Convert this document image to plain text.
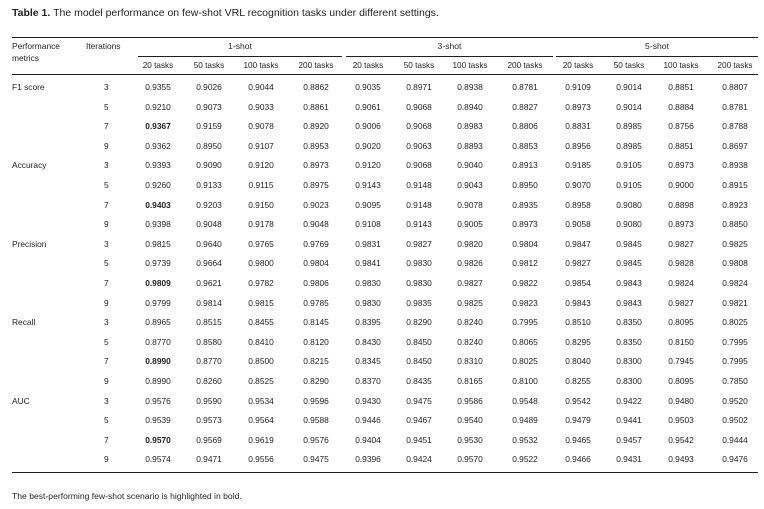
Table 1. The model performance on few-shot VRL recognition tasks under different settings.
Performance
metrics
Iterations	1-shot
20 tasks	50 tasks	100 tasks	200 tasks
3-shot
20 tasks	50 tasks	100 tasks	200 tasks
5-shot
20 tasks	50 tasks	100 tasks	200 tasks
F1 score	3	0.9355	0.9026	0.9044	0.8862	0.9035	0.8971	0.8938	0.8781	0.9109	0.9014	0.8851	0.8807
5	0.9210	0.9073	0.9033	0.8861	0.9061	0.9068	0.8940	0.8827	0.8973	0.9014	0.8884	0.8781
7	0.9367	0.9159	0.9078	0.8920	0.9006	0.9068	0.8983	0.8806	0.8831	0.8985	0.8756	0.8788
9	0.9362	0.8950	0.9107	0.8953	0.9020	0.9063	0.8893	0.8853	0.8956	0.8985	0.8851	0.8697
Accuracy	3	0.9393	0.9090	0.9120	0.8973	0.9120	0.9068	0.9040	0.8913	0.9185	0.9105	0.8973	0.8938
5	0.9260	0.9133	0.9115	0.8975	0.9143	0.9148	0.9043	0.8950	0.9070	0.9105	0.9000	0.8915
7	0.9403	0.9203	0.9150	0.9023	0.9095	0.9148	0.9078	0.8935	0.8958	0.9080	0.8898	0.8923
9	0.9398	0.9048	0.9178	0.9048	0.9108	0.9143	0.9005	0.8973	0.9058	0.9080	0.8973	0.8850
Precision	3	0.9815	0.9640	0.9765	0.9769	0.9831	0.9827	0.9820	0.9804	0.9847	0.9845	0.9827	0.9825
5	0.9739	0.9664	0.9800	0.9804	0.9841	0.9830	0.9826	0.9812	0.9827	0.9845	0.9828	0.9808
7	0.9809	0.9621	0.9782	0.9806	0.9830	0.9830	0.9827	0.9822	0.9854	0.9843	0.9824	0.9824
9	0.9799	0.9814	0.9815	0.9785	0.9830	0.9835	0.9825	0.9823	0.9843	0.9843	0.9827	0.9821
Recall	3	0.8965	0.8515	0.8455	0.8145	0.8395	0.8290	0.8240	0.7995	0.8510	0.8350	0.8095	0.8025
5	0.8770	0.8580	0.8410	0.8120	0.8430	0.8450	0.8240	0.8065	0.8295	0.8350	0.8150	0.7995
7	0.8990	0.8770	0.8500	0.8215	0.8345	0.8450	0.8310	0.8025	0.8040	0.8300	0.7945	0.7995
9	0.8990	0.8260	0.8525	0.8290	0.8370	0.8435	0.8165	0.8100	0.8255	0.8300	0.8095	0.7850
AUC	3	0.9576	0.9590	0.9534	0.9596	0.9430	0.9475	0.9586	0.9548	0.9542	0.9422	0.9480	0.9520
5	0.9539	0.9573	0.9564	0.9588	0.9446	0.9467	0.9540	0.9489	0.9479	0.9441	0.9503	0.9502
7	0.9570	0.9569	0.9619	0.9576	0.9404	0.9451	0.9530	0.9532	0.9465	0.9457	0.9542	0.9444
9	0.9574	0.9471	0.9556	0.9475	0.9396	0.9424	0.9570	0.9522	0.9466	0.9431	0.9493	0.9476
The best-performing few-shot scenario is highlighted in bold.
